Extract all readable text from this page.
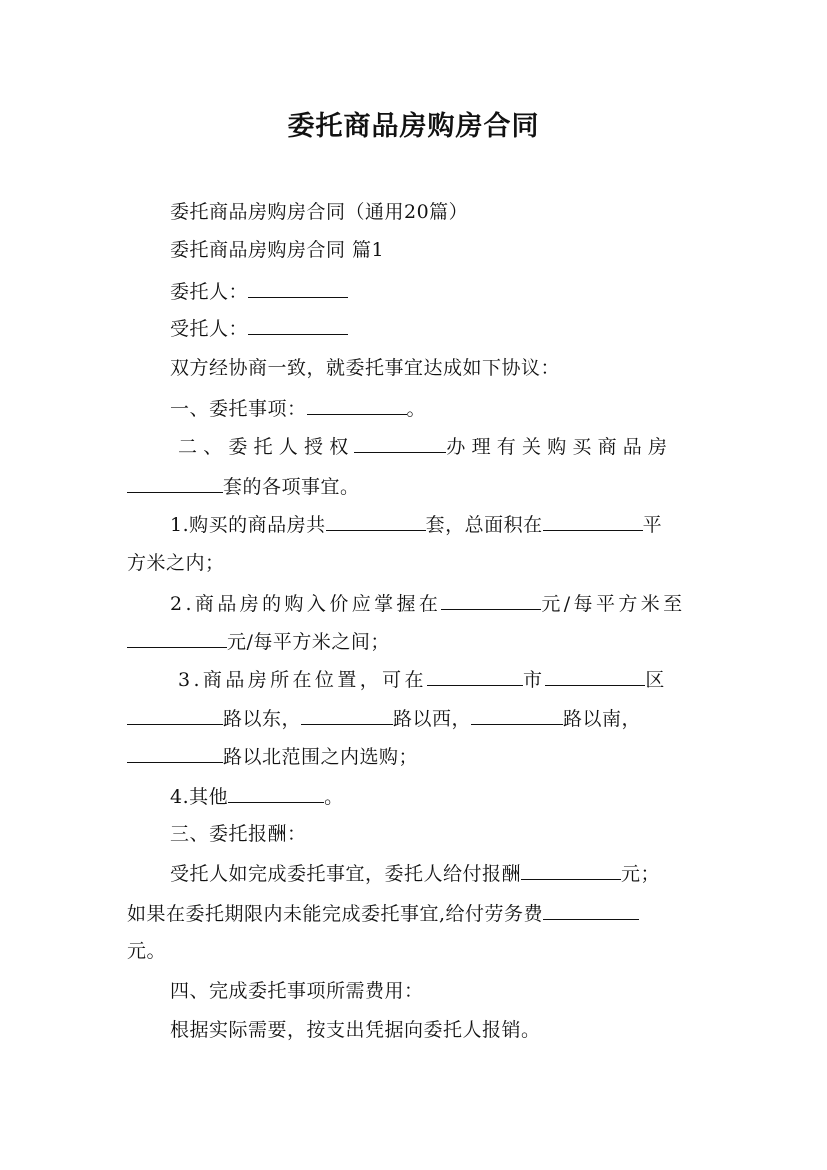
委托商品房购房合同
委托商品房购房合同（通用20篇）
委托商品房购房合同 篇1
委托人：
受托人：
双方经协商一致，就委托事宜达成如下协议：
一、委托事项：	。
二、委托人授权	办理有关购买商品房
套的各项事宜。
1.购买的商品房共	套，总面积在	平
方米之内；
2.商品房的购入价应掌握在	元/每平方米至
元/每平方米之间；
3.商品房所在位置，可在	市	区
路以东，	路以西，	路以南，
路以北范围之内选购；
4.其他	。
三、委托报酬：
受托人如完成委托事宜，委托人给付报酬	元；
如果在委托期限内未能完成委托事宜,给付劳务费
元。
四、完成委托事项所需费用：
根据实际需要，按支出凭据向委托人报销。
